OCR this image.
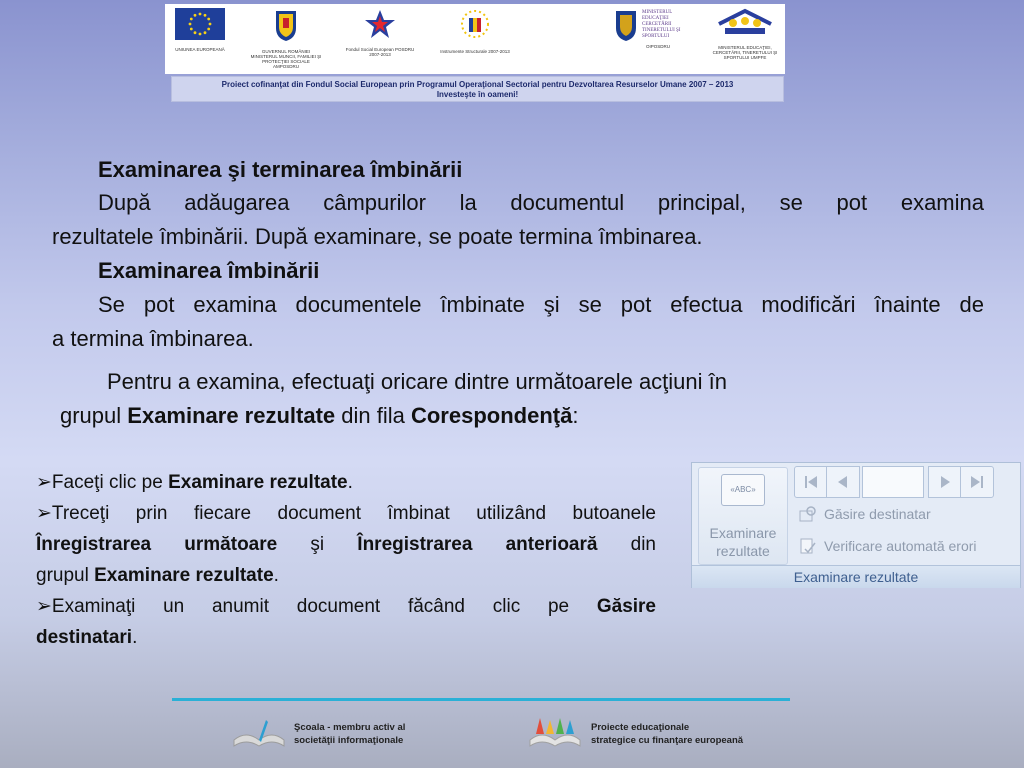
UNIUNEA EUROPEANĂ	GUVERNUL ROMÂNIEI MINISTERUL MUNCII, FAMILIEI ŞI PROTECŢIEI SOCIALE AMPOSDRU
Fondul Social European POSDRU 2007-2013
Instrumente Structurale 2007-2013
MINISTERUL EDUCAŢIEI CERCETĂRII TINERETULUI ŞI SPORTULUI
OIPOSDRU	MINISTERUL EDUCAŢIEI, CERCETĂRII, TINERETULUI ŞI SPORTULUI UMPFE
Proiect cofinanţat din Fondul Social European prin Programul Operaţional Sectorial pentru Dezvoltarea Resurselor Umane 2007 – 2013
Investeşte în oameni!
Examinarea şi terminarea îmbinării
După adăugarea câmpurilor la documentul principal, se pot examina
rezultatele îmbinării. După examinare, se poate termina îmbinarea.
Examinarea îmbinării
Se pot examina documentele îmbinate şi se pot efectua modificări înainte de
a termina îmbinarea.
Pentru a examina, efectuaţi oricare dintre următoarele acţiuni în
grupul Examinare rezultate din fila Corespondenţă:
➢Faceţi clic pe Examinare rezultate.
➢Treceţi prin fiecare document îmbinat utilizând butoanele
Înregistrarea următoare şi Înregistrarea anterioară din
grupul Examinare rezultate.
➢Examinaţi un anumit document făcând clic pe Găsire
destinatari.
«ABC»
Examinare
rezultate
Găsire destinatar
Verificare automată erori
Examinare rezultate
Şcoala - membru activ al
societăţii informaţionale
Proiecte educaţionale
strategice cu finanţare europeană
